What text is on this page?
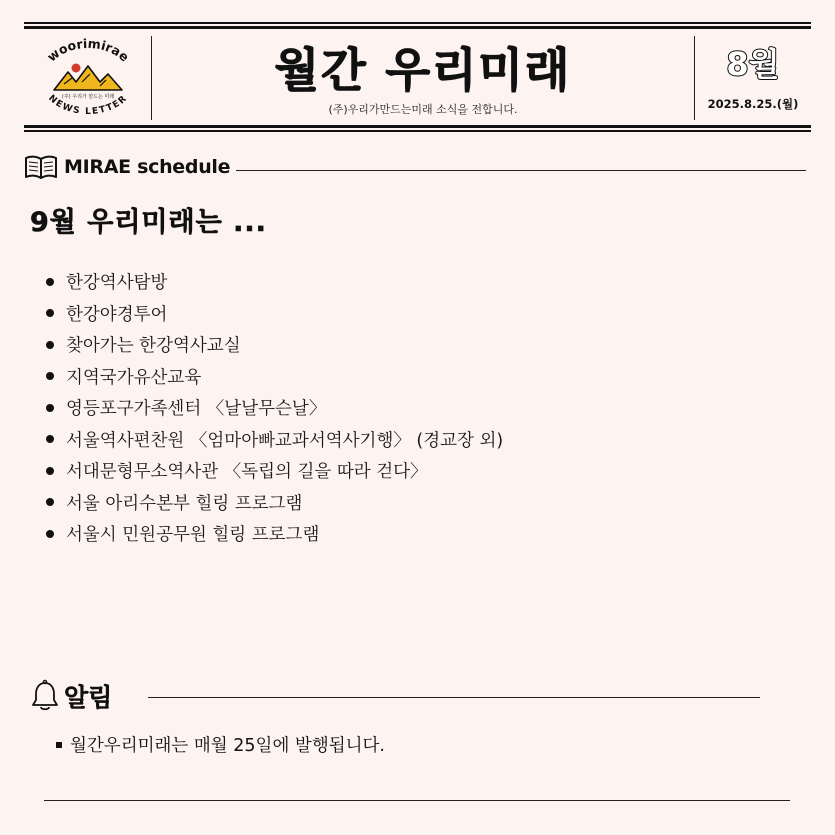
woorimirae
NEWS LETTER
(주) 우리가 만드는 미래	월간 우리미래
(주)우리가만드는미래 소식을 전합니다.
8월
2025.8.25.(월)
MIRAE schedule
9월 우리미래는 ...
한강역사탐방
한강야경투어
찾아가는 한강역사교실
지역국가유산교육
영등포구가족센터 〈날날무슨날〉
서울역사편찬원 〈엄마아빠교과서역사기행〉 (경교장 외)
서대문형무소역사관 〈독립의 길을 따라 걷다〉
서울 아리수본부 힐링 프로그램
서울시 민원공무원 힐링 프로그램
알림
월간우리미래는 매월 25일에 발행됩니다.
